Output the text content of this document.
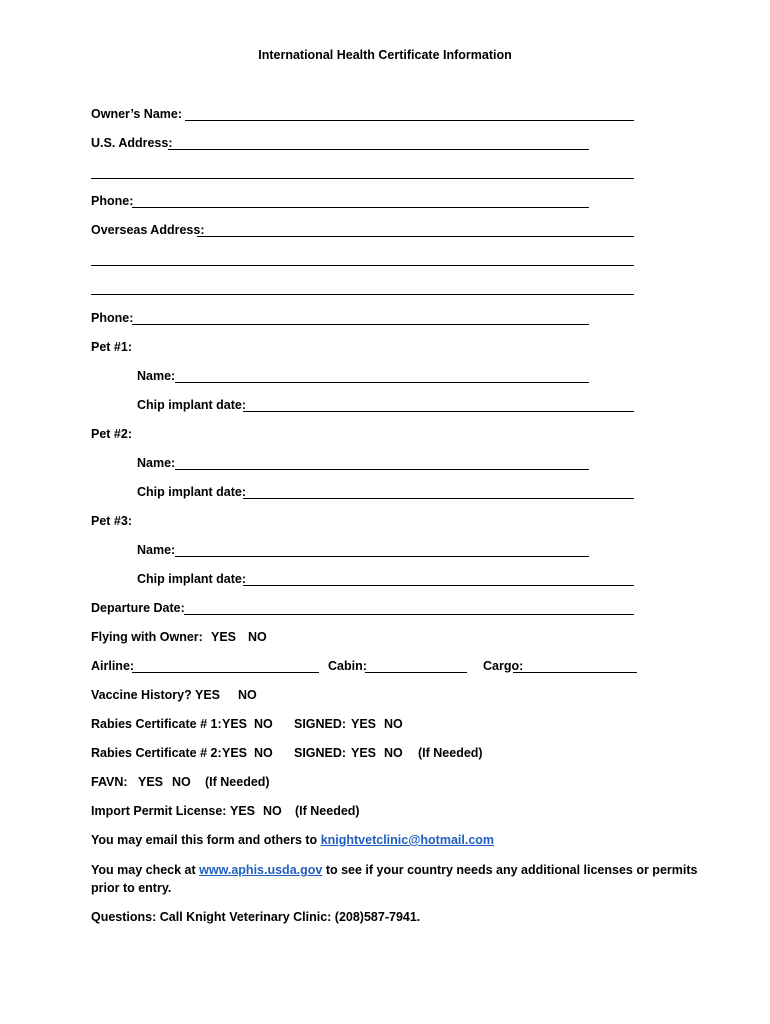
International Health Certificate Information
Owner’s Name:
U.S. Address:
Phone:
Overseas Address:
Phone:
Pet #1:
Name:
Chip implant date:
Pet #2:
Name:
Chip implant date:
Pet #3:
Name:
Chip implant date:
Departure Date:
Flying with Owner: YES NO
Airline:	Cabin:	Cargo:
Vaccine History? YES NO
Rabies Certificate # 1: YES NO SIGNED: YES NO
Rabies Certificate # 2: YES NO SIGNED: YES NO (If Needed)
FAVN: YES NO (If Needed)
Import Permit License: YES NO (If Needed)
You may email this form and others to knightvetclinic@hotmail.com
You may check at www.aphis.usda.gov to see if your country needs any additional licenses or permits
prior to entry.
Questions: Call Knight Veterinary Clinic: (208)587-7941.
